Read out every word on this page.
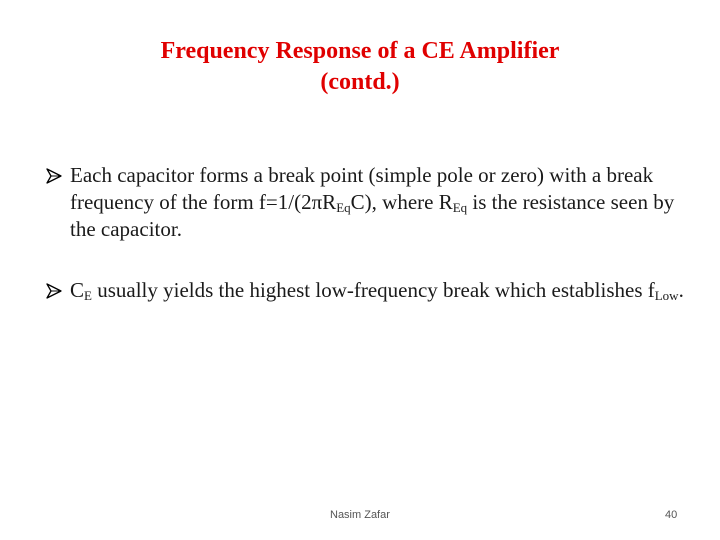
Frequency Response of a CE Amplifier
(contd.)
Each capacitor forms a break point (simple pole or zero) with a break frequency of the form $f=1/(2\pi R_{Eq}C)$, where $R_{Eq}$ is the resistance seen by the capacitor.
$C_E$ usually yields the highest low-frequency break which establishes $f_{Low}$.
Nasim Zafar	40
